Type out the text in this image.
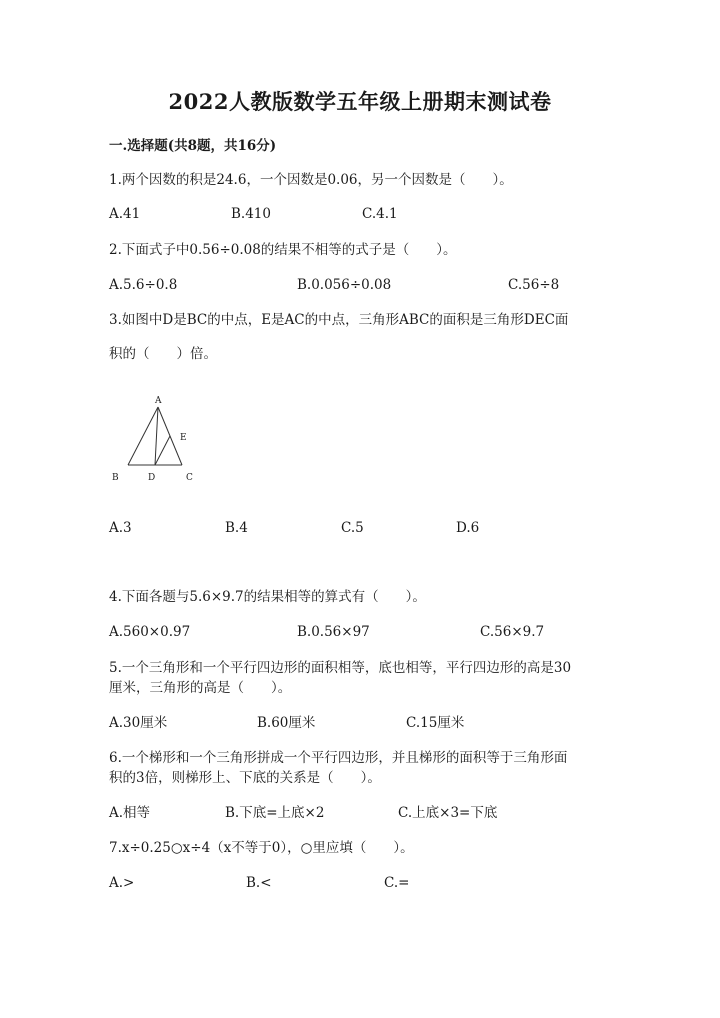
2022人教版数学五年级上册期末测试卷
一.选择题(共8题，共16分)
1.两个因数的积是24.6，一个因数是0.06，另一个因数是（　　）。
A.41	B.410	C.4.1
2.下面式子中0.56÷0.08的结果不相等的式子是（　　）。
A.5.6÷0.8	B.0.056÷0.08	C.56÷8
3.如图中D是BC的中点，E是AC的中点，三角形ABC的面积是三角形DEC面
积的（　　）倍。
A
B	C
D
E
A.3	B.4	C.5	D.6
4.下面各题与5.6×9.7的结果相等的算式有（　　）。
A.560×0.97	B.0.56×97	C.56×9.7
5.一个三角形和一个平行四边形的面积相等，底也相等，平行四边形的高是30
厘米，三角形的高是（　　）。
A.30厘米	B.60厘米	C.15厘米
6.一个梯形和一个三角形拼成一个平行四边形，并且梯形的面积等于三角形面
积的3倍，则梯形上、下底的关系是（　　）。
A.相等	B.下底=上底×2	C.上底×3=下底
7.x÷0.25○x÷4（x不等于0），○里应填（　　）。
A.>	B.<	C.=
